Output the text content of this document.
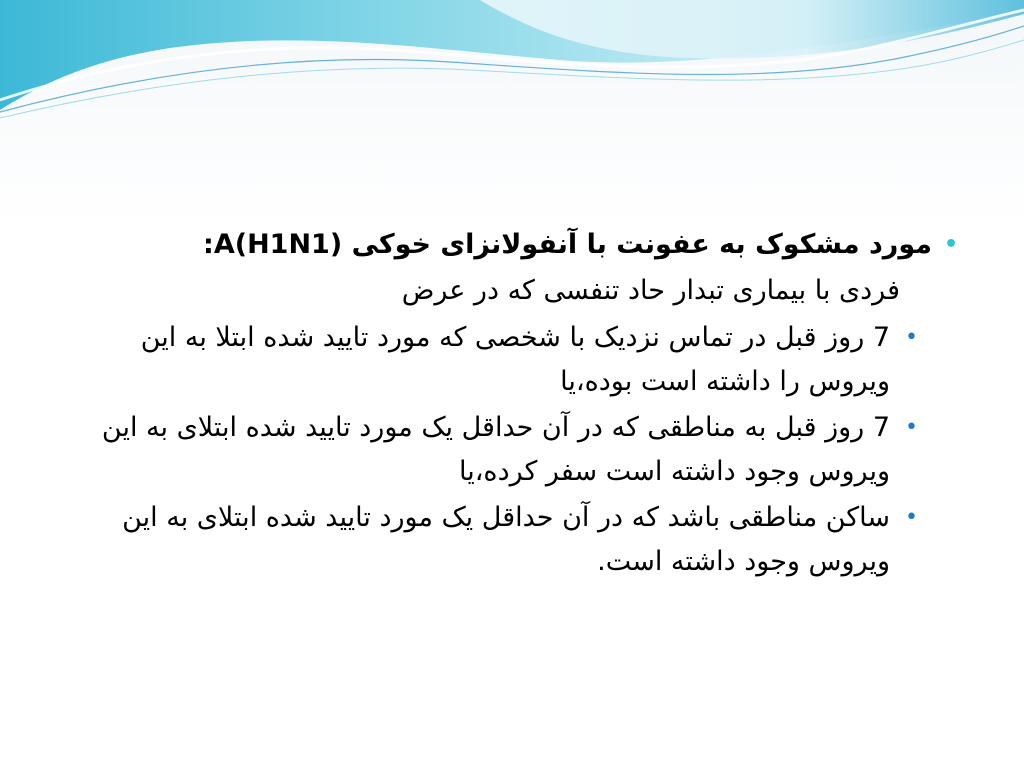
•
مورد مشکوک به عفونت با آنفولانزای خوکی A(H1N1):
فردی با بیماری تبدار حاد تنفسی که در عرض
•
7 روز قبل در تماس نزدیک با شخصی که مورد تایید شده ابتلا به این ویروس را داشته است بوده،یا
•
7 روز قبل به مناطقی که در آن حداقل یک مورد تایید شده ابتلای به این ویروس وجود داشته است سفر کرده،یا
•
ساکن مناطقی باشد که در آن حداقل یک مورد تایید شده ابتلای به این ویروس وجود داشته است.
